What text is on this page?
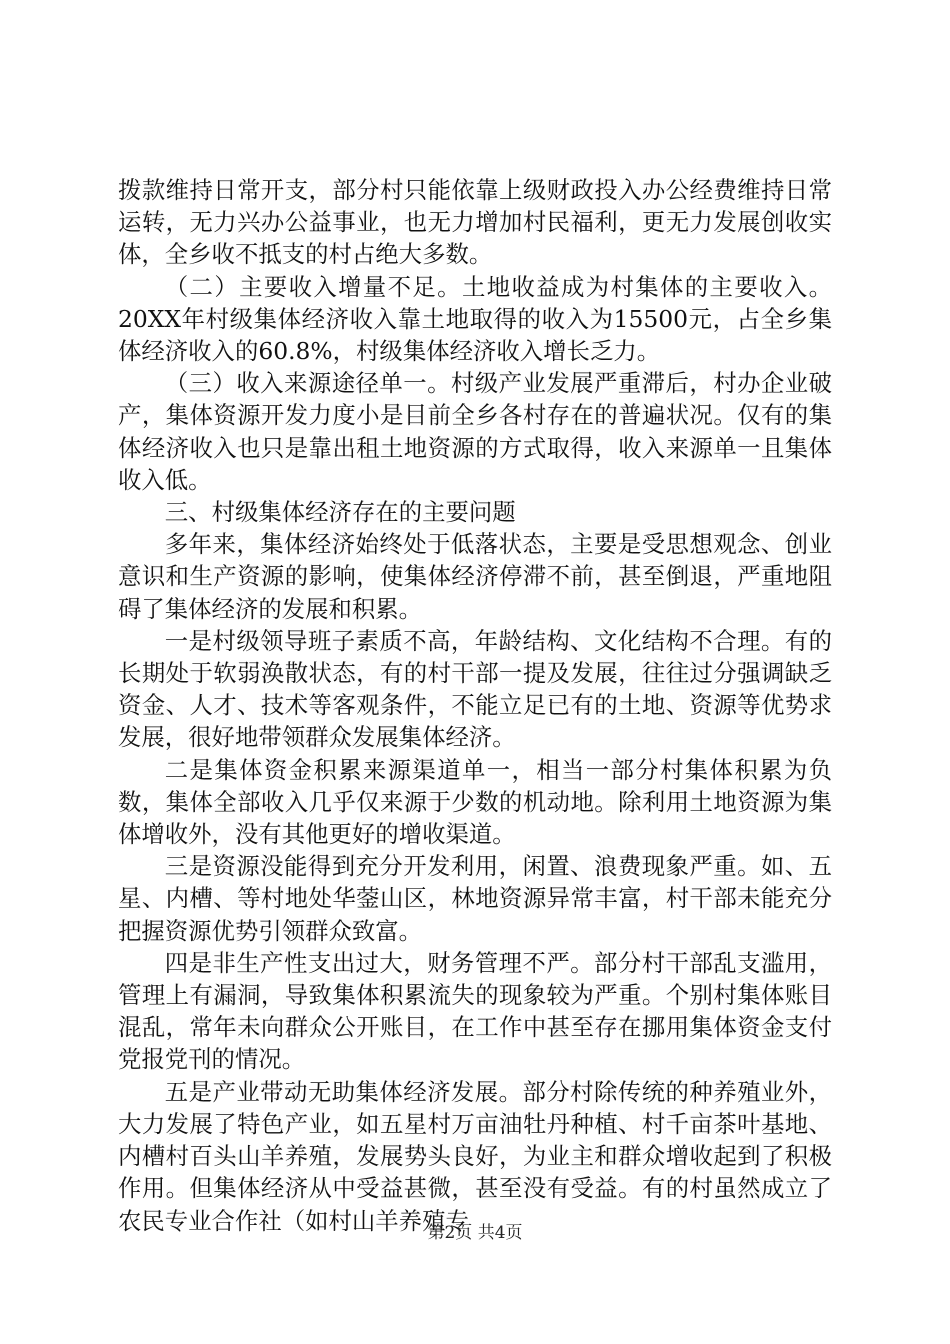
拨款维持日常开支，部分村只能依靠上级财政投入办公经费维持日常运转，无力兴办公益事业，也无力增加村民福利，更无力发展创收实体，全乡收不抵支的村占绝大多数。

（二）主要收入增量不足。土地收益成为村集体的主要收入。20XX年村级集体经济收入靠土地取得的收入为15500元，占全乡集体经济收入的60.8%，村级集体经济收入增长乏力。

（三）收入来源途径单一。村级产业发展严重滞后，村办企业破产，集体资源开发力度小是目前全乡各村存在的普遍状况。仅有的集体经济收入也只是靠出租土地资源的方式取得，收入来源单一且集体收入低。

三、村级集体经济存在的主要问题

多年来，集体经济始终处于低落状态，主要是受思想观念、创业意识和生产资源的影响，使集体经济停滞不前，甚至倒退，严重地阻碍了集体经济的发展和积累。

一是村级领导班子素质不高，年龄结构、文化结构不合理。有的长期处于软弱涣散状态，有的村干部一提及发展，往往过分强调缺乏资金、人才、技术等客观条件，不能立足已有的土地、资源等优势求发展，很好地带领群众发展集体经济。

二是集体资金积累来源渠道单一，相当一部分村集体积累为负数，集体全部收入几乎仅来源于少数的机动地。除利用土地资源为集体增收外，没有其他更好的增收渠道。

三是资源没能得到充分开发利用，闲置、浪费现象严重。如、五星、内槽、等村地处华蓥山区，林地资源异常丰富，村干部未能充分把握资源优势引领群众致富。

四是非生产性支出过大，财务管理不严。部分村干部乱支滥用，管理上有漏洞，导致集体积累流失的现象较为严重。个别村集体账目混乱，常年未向群众公开账目，在工作中甚至存在挪用集体资金支付党报党刊的情况。

五是产业带动无助集体经济发展。部分村除传统的种养殖业外，大力发展了特色产业，如五星村万亩油牡丹种植、村千亩茶叶基地、内槽村百头山羊养殖，发展势头良好，为业主和群众增收起到了积极作用。但集体经济从中受益甚微，甚至没有受益。有的村虽然成立了农民专业合作社（如村山羊养殖专

第2页 共4页
